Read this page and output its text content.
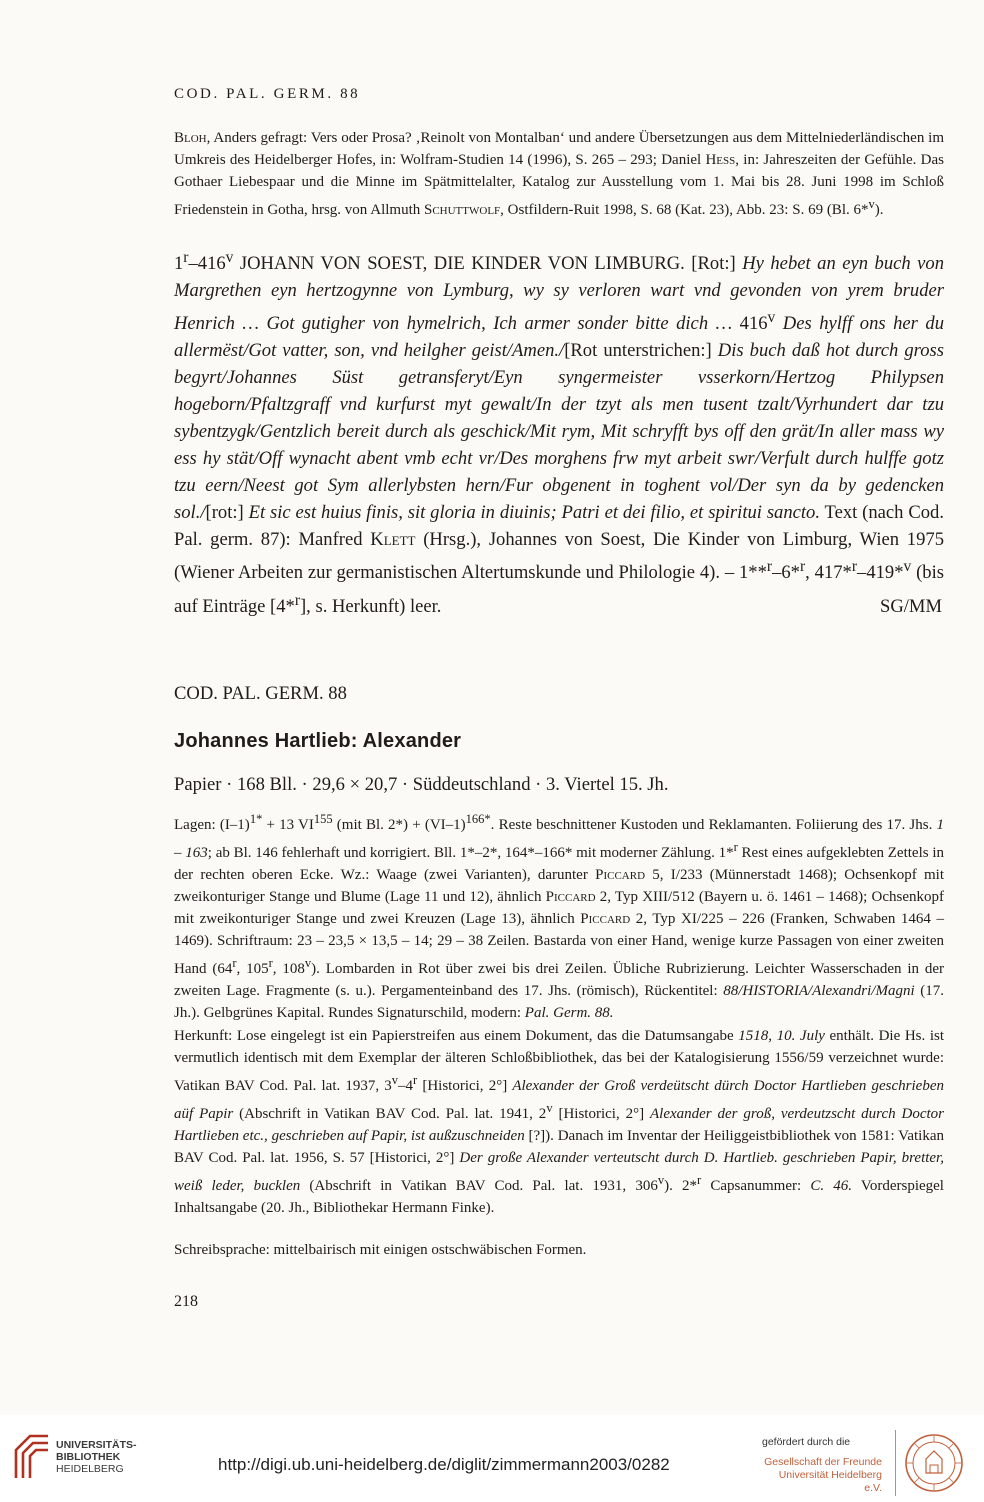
COD. PAL. GERM. 88
Bloh, Anders gefragt: Vers oder Prosa? ‚Reinolt von Montalban‘ und andere Übersetzungen aus dem Mittelniederländischen im Umkreis des Heidelberger Hofes, in: Wolfram-Studien 14 (1996), S. 265 – 293; Daniel Hess, in: Jahreszeiten der Gefühle. Das Gothaer Liebespaar und die Minne im Spätmittelalter, Katalog zur Ausstellung vom 1. Mai bis 28. Juni 1998 im Schloß Friedenstein in Gotha, hrsg. von Allmuth Schuttwolf, Ostfildern-Ruit 1998, S. 68 (Kat. 23), Abb. 23: S. 69 (Bl. 6*$^v$).
1$^r$–416$^v$ JOHANN VON SOEST, DIE KINDER VON LIMBURG. [Rot:] Hy hebet an eyn buch von Margrethen eyn hertzogynne von Lymburg, wy sy verloren wart vnd gevonden von yrem bruder Henrich … Got gutigher von hymelrich, Ich armer sonder bitte dich … 416$^v$ Des hylff ons her du allermëst/Got vatter, son, vnd heilgher geist/Amen./[Rot unterstrichen:] Dis buch daß hot durch gross begyrt/Johannes Süst getransferyt/Eyn syngermeister vsserkorn/Hertzog Philypsen hogeborn/Pfaltzgraff vnd kurfurst myt gewalt/In der tzyt als men tusent tzalt/Vyrhundert dar tzu sybentzygk/Gentzlich bereit durch als geschick/Mit rym, Mit schryfft bys off den grät/In aller mass wy ess hy stät/Off wynacht abent vmb echt vr/Des morghens frw myt arbeit swr/Verfult durch hulffe gotz tzu eern/Neest got Sym allerlybsten hern/Fur obgenent in toghent vol/Der syn da by gedencken sol./[rot:] Et sic est huius finis, sit gloria in diuinis; Patri et dei filio, et spiritui sancto. Text (nach Cod. Pal. germ. 87): Manfred Klett (Hrsg.), Johannes von Soest, Die Kinder von Limburg, Wien 1975 (Wiener Arbeiten zur germanistischen Altertumskunde und Philologie 4). – 1**$^r$–6*$^r$, 417*$^r$–419*$^v$ (bis auf Einträge [4*$^r$], s. Herkunft) leer.	SG/MM
COD. PAL. GERM. 88
Johannes Hartlieb: Alexander
Papier · 168 Bll. · 29,6 × 20,7 · Süddeutschland · 3. Viertel 15. Jh.
Lagen: $(I-1)^{1*} + 13$ VI$^{155}$ (mit Bl. $2*) + (VI-1)^{166*}$. Reste beschnittener Kustoden und Reklamanten. Foliierung des 17. Jhs. 1 – 163; ab Bl. 146 fehlerhaft und korrigiert. Bll. 1*–2*, 164*–166* mit moderner Zählung. 1*$^r$ Rest eines aufgeklebten Zettels in der rechten oberen Ecke. Wz.: Waage (zwei Varianten), darunter Piccard 5, I/233 (Münnerstadt 1468); Ochsenkopf mit zweikonturiger Stange und Blume (Lage 11 und 12), ähnlich Piccard 2, Typ XIII/512 (Bayern u. ö. 1461 – 1468); Ochsenkopf mit zweikonturiger Stange und zwei Kreuzen (Lage 13), ähnlich Piccard 2, Typ XI/225 – 226 (Franken, Schwaben 1464 – 1469). Schriftraum: 23 – 23,5 × 13,5 – 14; 29 – 38 Zeilen. Bastarda von einer Hand, wenige kurze Passagen von einer zweiten Hand (64$^r$, 105$^r$, 108$^v$). Lombarden in Rot über zwei bis drei Zeilen. Übliche Rubrizierung. Leichter Wasserschaden in der zweiten Lage. Fragmente (s. u.). Pergamenteinband des 17. Jhs. (römisch), Rückentitel: 88/HISTORIA/Alexandri/Magni (17. Jh.). Gelbgrünes Kapital. Rundes Signaturschild, modern: Pal. Germ. 88.
Herkunft: Lose eingelegt ist ein Papierstreifen aus einem Dokument, das die Datumsangabe 1518, 10. July enthält. Die Hs. ist vermutlich identisch mit dem Exemplar der älteren Schloßbibliothek, das bei der Katalogisierung 1556/59 verzeichnet wurde: Vatikan BAV Cod. Pal. lat. 1937, 3$^v$–4$^r$ [Historici, 2°] Alexander der Groß verdeütscht dürch Doctor Hartlieben geschrieben aüf Papir (Abschrift in Vatikan BAV Cod. Pal. lat. 1941, 2$^v$ [Historici, 2°] Alexander der groß, verdeutzscht durch Doctor Hartlieben etc., geschrieben auf Papir, ist außzuschneiden [?]). Danach im Inventar der Heiliggeistbibliothek von 1581: Vatikan BAV Cod. Pal. lat. 1956, S. 57 [Historici, 2°] Der große Alexander verteutscht durch D. Hartlieb. geschrieben Papir, bretter, weiß leder, bucklen (Abschrift in Vatikan BAV Cod. Pal. lat. 1931, 306$^v$). 2*$^r$ Capsanummer: C. 46. Vorderspiegel Inhaltsangabe (20. Jh., Bibliothekar Hermann Finke).
Schreibsprache: mittelbairisch mit einigen ostschwäbischen Formen.
218
UNIVERSITÄTS-
BIBLIOTHEK
HEIDELBERG	http://digi.ub.uni-heidelberg.de/diglit/zimmermann2003/0282
gefördert durch die
Gesellschaft der Freunde
Universität Heidelberg e.V.
